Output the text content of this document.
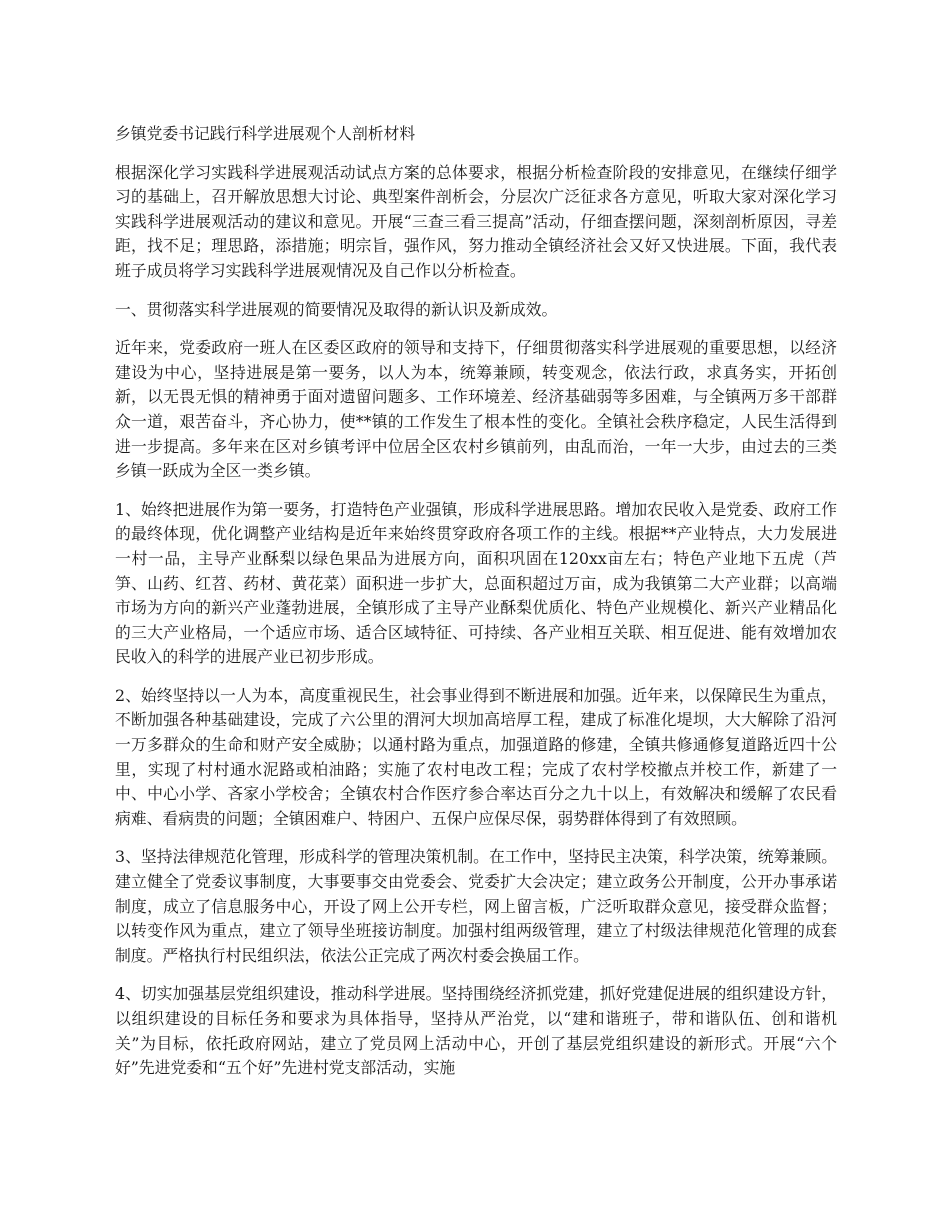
乡镇党委书记践行科学进展观个人剖析材料
根据深化学习实践科学进展观活动试点方案的总体要求，根据分析检查阶段的安排意见，在继续仔细学习的基础上，召开解放思想大讨论、典型案件剖析会，分层次广泛征求各方意见，听取大家对深化学习实践科学进展观活动的建议和意见。开展“三查三看三提高”活动，仔细查摆问题，深刻剖析原因，寻差距，找不足；理思路，添措施；明宗旨，强作风，努力推动全镇经济社会又好又快进展。下面，我代表班子成员将学习实践科学进展观情况及自己作以分析检查。
一、贯彻落实科学进展观的简要情况及取得的新认识及新成效。
近年来，党委政府一班人在区委区政府的领导和支持下，仔细贯彻落实科学进展观的重要思想，以经济建设为中心，坚持进展是第一要务，以人为本，统筹兼顾，转变观念，依法行政，求真务实，开拓创新，以无畏无惧的精神勇于面对遗留问题多、工作环境差、经济基础弱等多困难，与全镇两万多干部群众一道，艰苦奋斗，齐心协力，使**镇的工作发生了根本性的变化。全镇社会秩序稳定，人民生活得到进一步提高。多年来在区对乡镇考评中位居全区农村乡镇前列，由乱而治，一年一大步，由过去的三类乡镇一跃成为全区一类乡镇。
1、始终把进展作为第一要务，打造特色产业强镇，形成科学进展思路。增加农民收入是党委、政府工作的最终体现，优化调整产业结构是近年来始终贯穿政府各项工作的主线。根据**产业特点，大力发展进一村一品，主导产业酥梨以绿色果品为进展方向，面积巩固在120xx亩左右；特色产业地下五虎（芦笋、山药、红苕、药材、黄花菜）面积进一步扩大，总面积超过万亩，成为我镇第二大产业群；以高端市场为方向的新兴产业蓬勃进展，全镇形成了主导产业酥梨优质化、特色产业规模化、新兴产业精品化的三大产业格局，一个适应市场、适合区域特征、可持续、各产业相互关联、相互促进、能有效增加农民收入的科学的进展产业已初步形成。
2、始终坚持以一人为本，高度重视民生，社会事业得到不断进展和加强。近年来，以保障民生为重点，不断加强各种基础建设，完成了六公里的渭河大坝加高培厚工程，建成了标准化堤坝，大大解除了沿河一万多群众的生命和财产安全威胁；以通村路为重点，加强道路的修建，全镇共修通修复道路近四十公里，实现了村村通水泥路或柏油路；实施了农村电改工程；完成了农村学校撤点并校工作，新建了一中、中心小学、吝家小学校舍；全镇农村合作医疗参合率达百分之九十以上，有效解决和缓解了农民看病难、看病贵的问题；全镇困难户、特困户、五保户应保尽保，弱势群体得到了有效照顾。
3、坚持法律规范化管理，形成科学的管理决策机制。在工作中，坚持民主决策，科学决策，统筹兼顾。建立健全了党委议事制度，大事要事交由党委会、党委扩大会决定；建立政务公开制度，公开办事承诺制度，成立了信息服务中心，开设了网上公开专栏，网上留言板，广泛听取群众意见，接受群众监督；以转变作风为重点，建立了领导坐班接访制度。加强村组两级管理，建立了村级法律规范化管理的成套制度。严格执行村民组织法，依法公正完成了两次村委会换届工作。
4、切实加强基层党组织建设，推动科学进展。坚持围绕经济抓党建，抓好党建促进展的组织建设方针，以组织建设的目标任务和要求为具体指导，坚持从严治党，以“建和谐班子，带和谐队伍、创和谐机关”为目标，依托政府网站，建立了党员网上活动中心，开创了基层党组织建设的新形式。开展“六个好”先进党委和“五个好”先进村党支部活动，实施
